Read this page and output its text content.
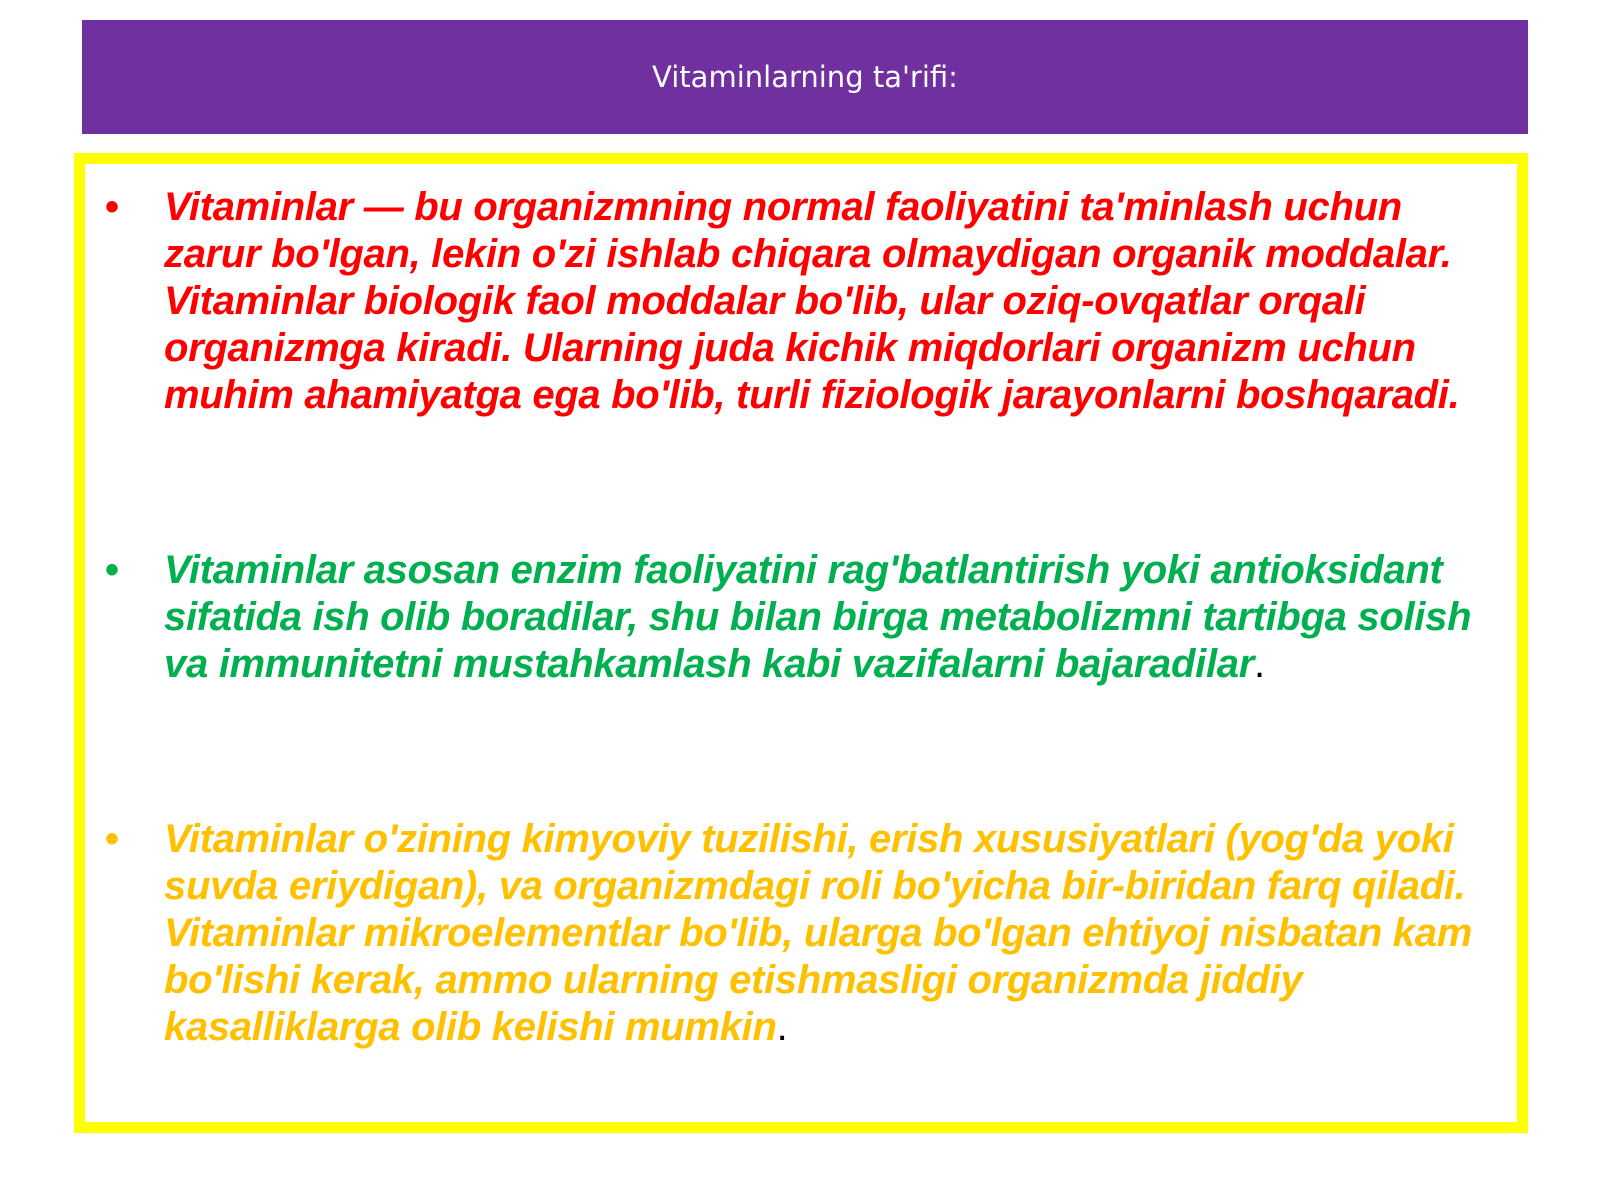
Vitaminlarning ta'rifi:
•	Vitaminlar — bu organizmning normal faoliyatini ta'minlash uchun zarur bo'lgan, lekin o'zi ishlab chiqara olmaydigan organik moddalar. Vitaminlar biologik faol moddalar bo'lib, ular oziq-ovqatlar orqali organizmga kiradi. Ularning juda kichik miqdorlari organizm uchun muhim ahamiyatga ega bo'lib, turli fiziologik jarayonlarni boshqaradi.
•	Vitaminlar asosan enzim faoliyatini rag'batlantirish yoki antioksidant sifatida ish olib boradilar, shu bilan birga metabolizmni tartibga solish va immunitetni mustahkamlash kabi vazifalarni bajaradilar.
•	Vitaminlar o'zining kimyoviy tuzilishi, erish xususiyatlari (yog'da yoki suvda eriydigan), va organizmdagi roli bo'yicha bir-biridan farq qiladi. Vitaminlar mikroelementlar bo'lib, ularga bo'lgan ehtiyoj nisbatan kam bo'lishi kerak, ammo ularning etishmasligi organizmda jiddiy kasalliklarga olib kelishi mumkin.
